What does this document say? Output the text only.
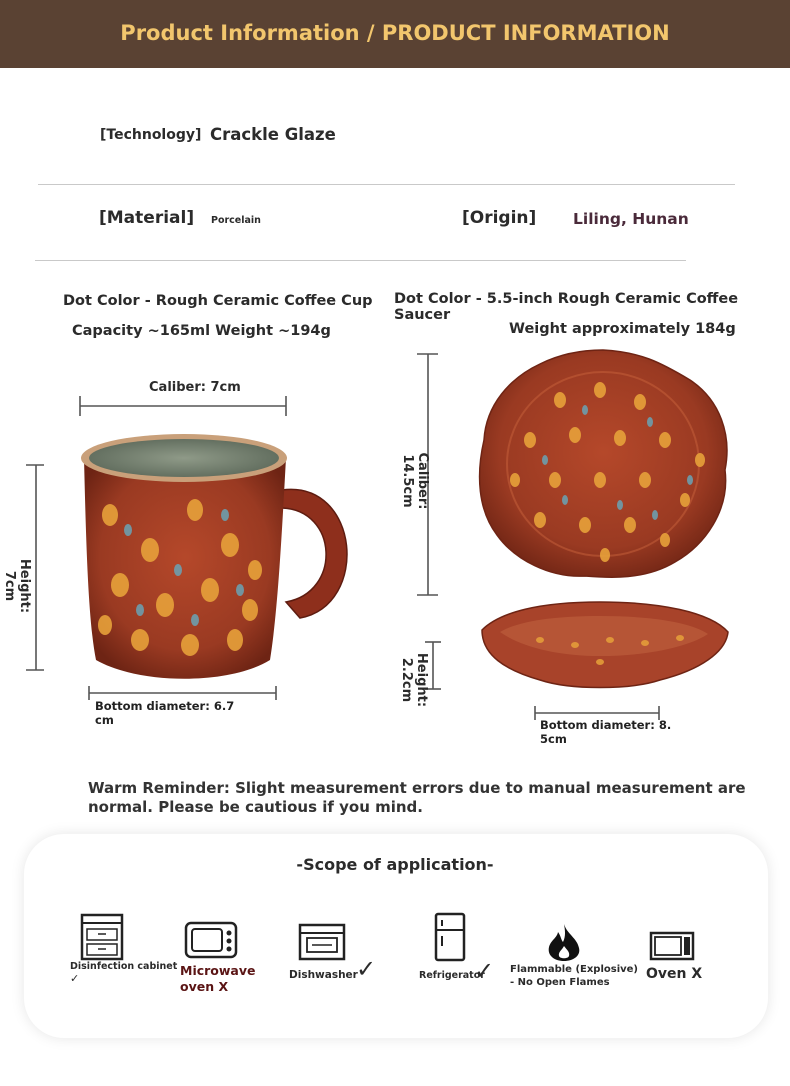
Product Information / PRODUCT INFORMATION
[Technology] Crackle Glaze
[Material] Porcelain	[Origin] Liling, Hunan
Dot Color - Rough Ceramic Coffee Cup
Capacity ~165ml Weight ~194g
Caliber: 7cm
Dot Color - 5.5-inch Rough Ceramic Coffee Saucer
Weight approximately 184g
Height: 7cm
Caliber: 14.5cm
Height: 2.2cm
Bottom diameter: 6.7
cm	Bottom diameter: 8.
5cm
Warm Reminder: Slight measurement errors due to manual measurement are
normal. Please be cautious if you mind.
-Scope of application-
Disinfection cabinet
✓
Microwave
oven X
Dishwasher
✓	Refrigerator
✓ Flammable (Explosive)
- No Open Flames
Oven X
